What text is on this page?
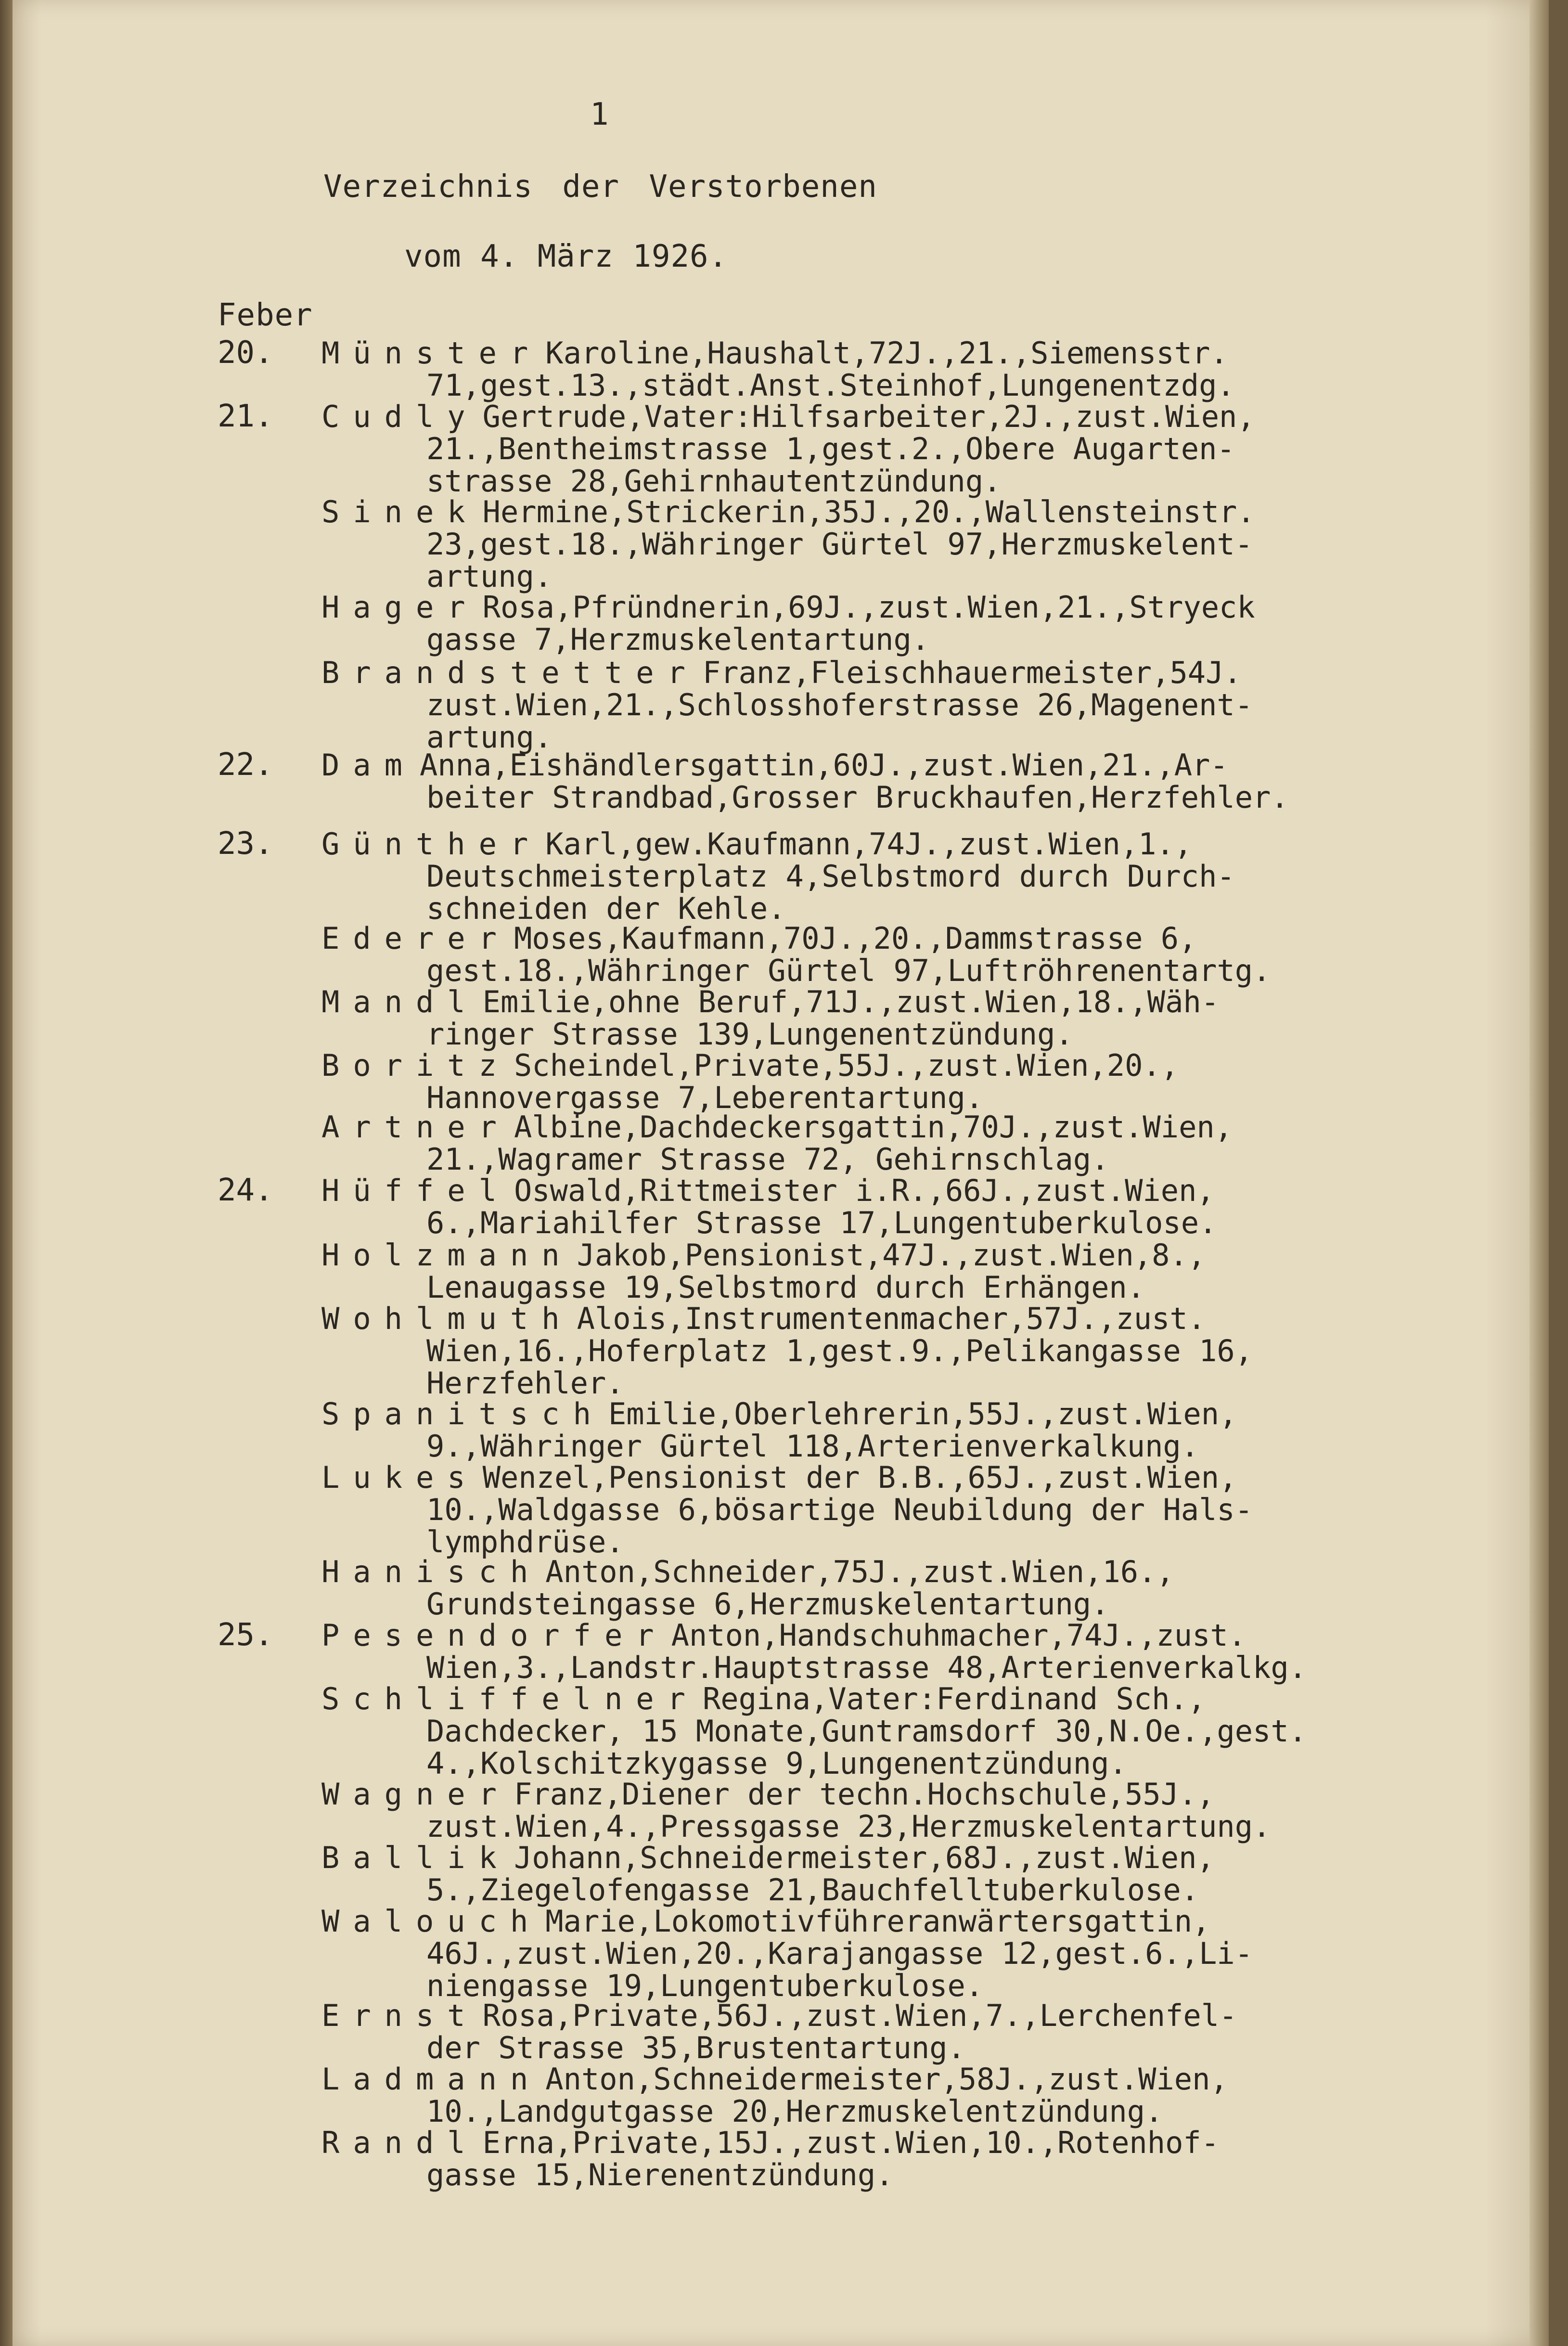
1
Verzeichnis der Verstorbenen
vom 4. März 1926.
Feber
20.
21.
22.
23.
24.
25.
Münster Karoline,Haushalt,72J.,21.,Siemensstr.
71,gest.13.,städt.Anst.Steinhof,Lungenentzdg.
Cudly Gertrude,Vater:Hilfsarbeiter,2J.,zust.Wien,
21.,Bentheimstrasse 1,gest.2.,Obere Augarten-
strasse 28,Gehirnhautentzündung.
Sinek Hermine,Strickerin,35J.,20.,Wallensteinstr.
23,gest.18.,Währinger Gürtel 97,Herzmuskelent-
artung.
Hager Rosa,Pfründnerin,69J.,zust.Wien,21.,Stryeck
gasse 7,Herzmuskelentartung.
Brandstetter Franz,Fleischhauermeister,54J.
zust.Wien,21.,Schlosshoferstrasse 26,Magenent-
artung.
Dam Anna,Eishändlersgattin,60J.,zust.Wien,21.,Ar-
beiter Strandbad,Grosser Bruckhaufen,Herzfehler.
Günther Karl,gew.Kaufmann,74J.,zust.Wien,1.,
Deutschmeisterplatz 4,Selbstmord durch Durch-
schneiden der Kehle.
Ederer Moses,Kaufmann,70J.,20.,Dammstrasse 6,
gest.18.,Währinger Gürtel 97,Luftröhrenentartg.
Mandl Emilie,ohne Beruf,71J.,zust.Wien,18.,Wäh-
ringer Strasse 139,Lungenentzündung.
Boritz Scheindel,Private,55J.,zust.Wien,20.,
Hannovergasse 7,Leberentartung.
Artner Albine,Dachdeckersgattin,70J.,zust.Wien,
21.,Wagramer Strasse 72, Gehirnschlag.
Hüffel Oswald,Rittmeister i.R.,66J.,zust.Wien,
6.,Mariahilfer Strasse 17,Lungentuberkulose.
Holzmann Jakob,Pensionist,47J.,zust.Wien,8.,
Lenaugasse 19,Selbstmord durch Erhängen.
Wohlmuth Alois,Instrumentenmacher,57J.,zust.
Wien,16.,Hoferplatz 1,gest.9.,Pelikangasse 16,
Herzfehler.
Spanitsch Emilie,Oberlehrerin,55J.,zust.Wien,
9.,Währinger Gürtel 118,Arterienverkalkung.
Lukes Wenzel,Pensionist der B.B.,65J.,zust.Wien,
10.,Waldgasse 6,bösartige Neubildung der Hals-
lymphdrüse.
Hanisch Anton,Schneider,75J.,zust.Wien,16.,
Grundsteingasse 6,Herzmuskelentartung.
Pesendorfer Anton,Handschuhmacher,74J.,zust.
Wien,3.,Landstr.Hauptstrasse 48,Arterienverkalkg.
Schliffelner Regina,Vater:Ferdinand Sch.,
Dachdecker, 15 Monate,Guntramsdorf 30,N.Oe.,gest.
4.,Kolschitzkygasse 9,Lungenentzündung.
Wagner Franz,Diener der techn.Hochschule,55J.,
zust.Wien,4.,Pressgasse 23,Herzmuskelentartung.
Ballik Johann,Schneidermeister,68J.,zust.Wien,
5.,Ziegelofengasse 21,Bauchfelltuberkulose.
Walouch Marie,Lokomotivführeranwärtersgattin,
46J.,zust.Wien,20.,Karajangasse 12,gest.6.,Li-
niengasse 19,Lungentuberkulose.
Ernst Rosa,Private,56J.,zust.Wien,7.,Lerchenfel-
der Strasse 35,Brustentartung.
Ladmann Anton,Schneidermeister,58J.,zust.Wien,
10.,Landgutgasse 20,Herzmuskelentzündung.
Randl Erna,Private,15J.,zust.Wien,10.,Rotenhof-
gasse 15,Nierenentzündung.
